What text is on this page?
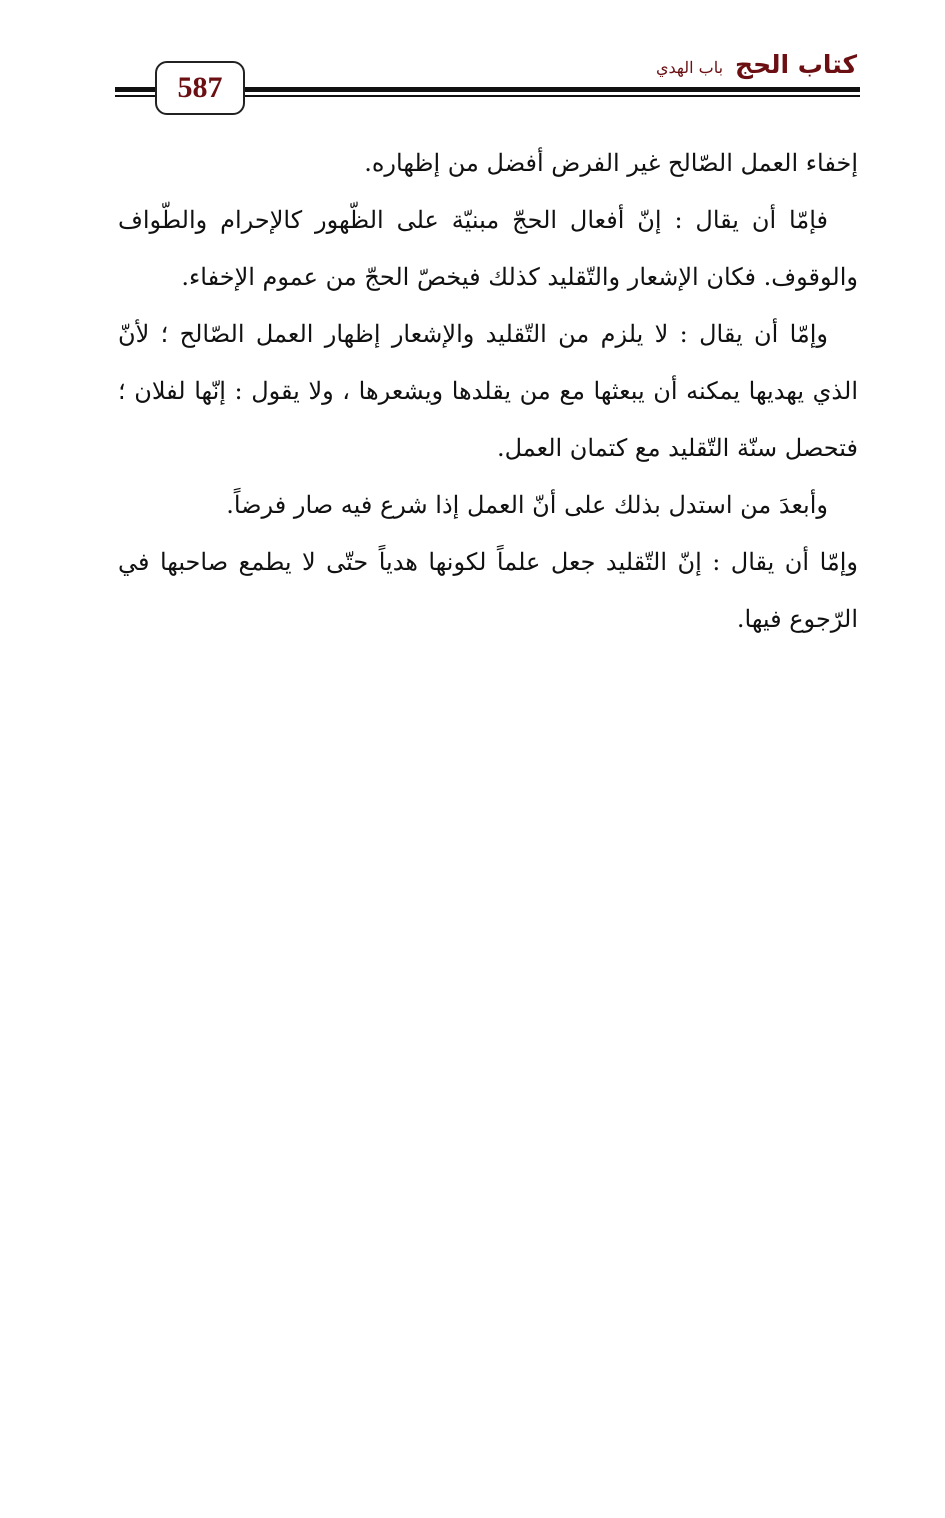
587
كتاب الحج
باب الهدي

إخفاء العمل الصّالح غير الفرض أفضل من إظهاره.

فإمّا أن يقال : إنّ أفعال الحجّ مبنيّة على الظّهور كالإحرام والطّواف والوقوف. فكان الإشعار والتّقليد كذلك فيخصّ الحجّ من عموم الإخفاء.

وإمّا أن يقال : لا يلزم من التّقليد والإشعار إظهار العمل الصّالح ؛ لأنّ الذي يهديها يمكنه أن يبعثها مع من يقلدها ويشعرها ، ولا يقول : إنّها لفلان ؛ فتحصل سنّة التّقليد مع كتمان العمل.

وأبعدَ من استدل بذلك على أنّ العمل إذا شرع فيه صار فرضاً.

وإمّا أن يقال : إنّ التّقليد جعل علماً لكونها هدياً حتّى لا يطمع صاحبها في الرّجوع فيها.
